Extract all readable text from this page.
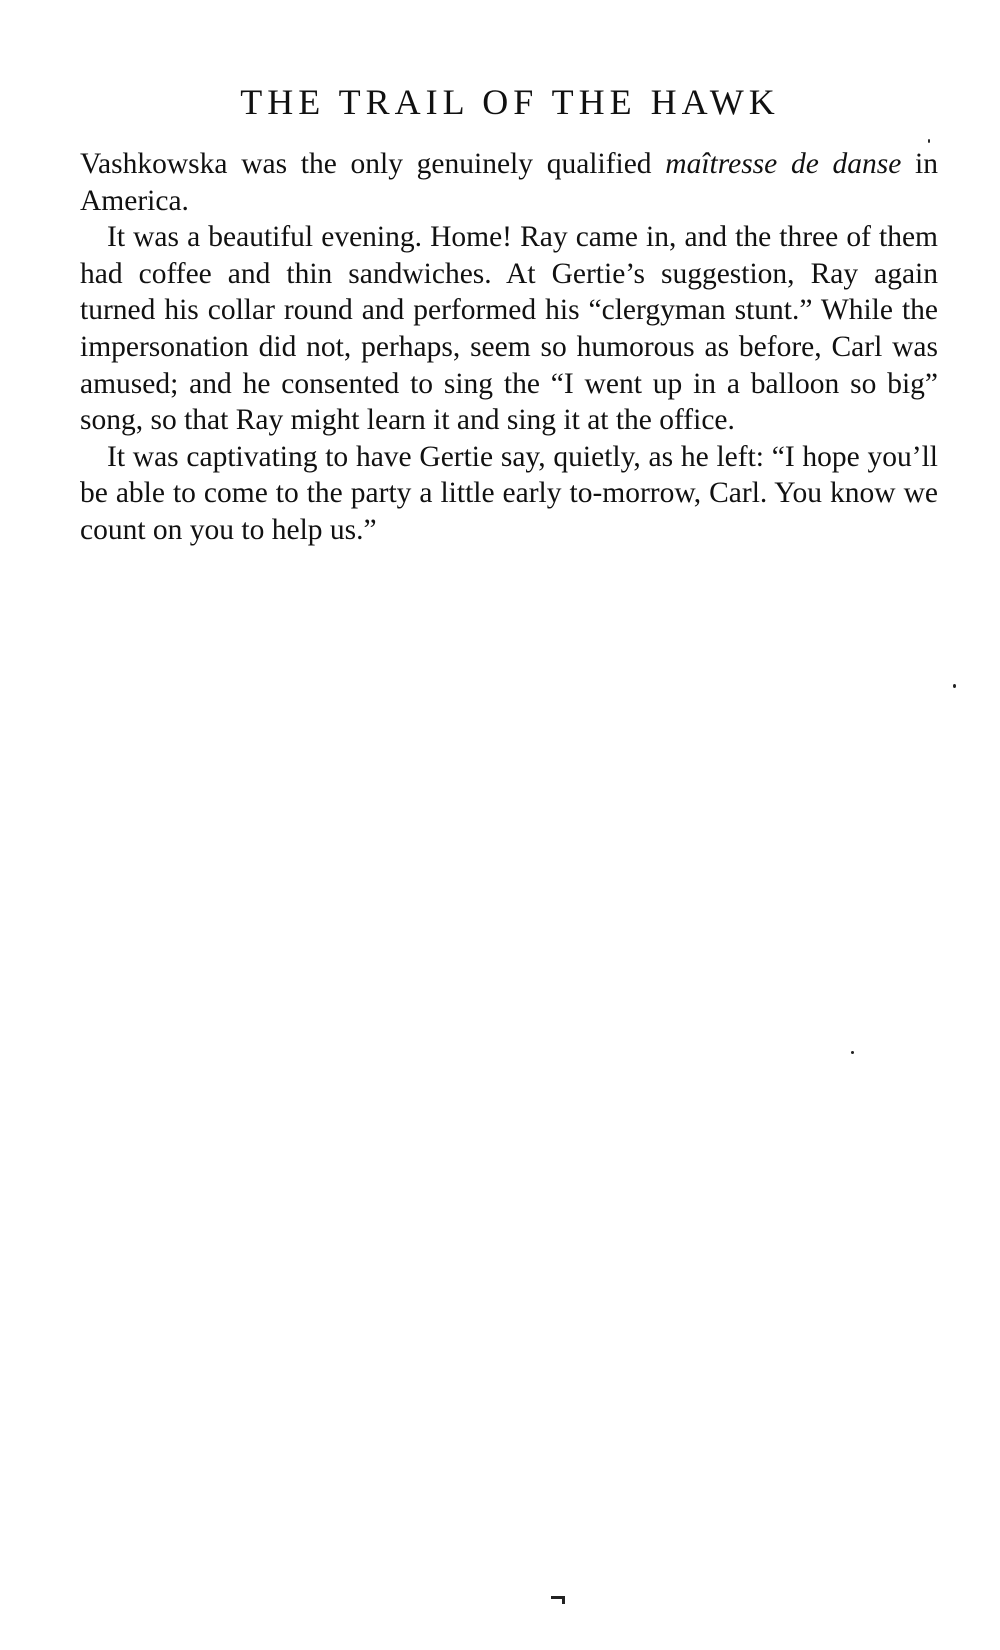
THE TRAIL OF THE HAWK

Vashkowska was the only genuinely qualified maîtresse de danse in America.

It was a beautiful evening. Home! Ray came in, and the three of them had coffee and thin sandwiches. At Gertie’s suggestion, Ray again turned his collar round and performed his “clergyman stunt.” While the impersonation did not, perhaps, seem so humorous as before, Carl was amused; and he consented to sing the “I went up in a balloon so big” song, so that Ray might learn it and sing it at the office.

It was captivating to have Gertie say, quietly, as he left: “I hope you’ll be able to come to the party a little early to-morrow, Carl. You know we count on you to help us.”
